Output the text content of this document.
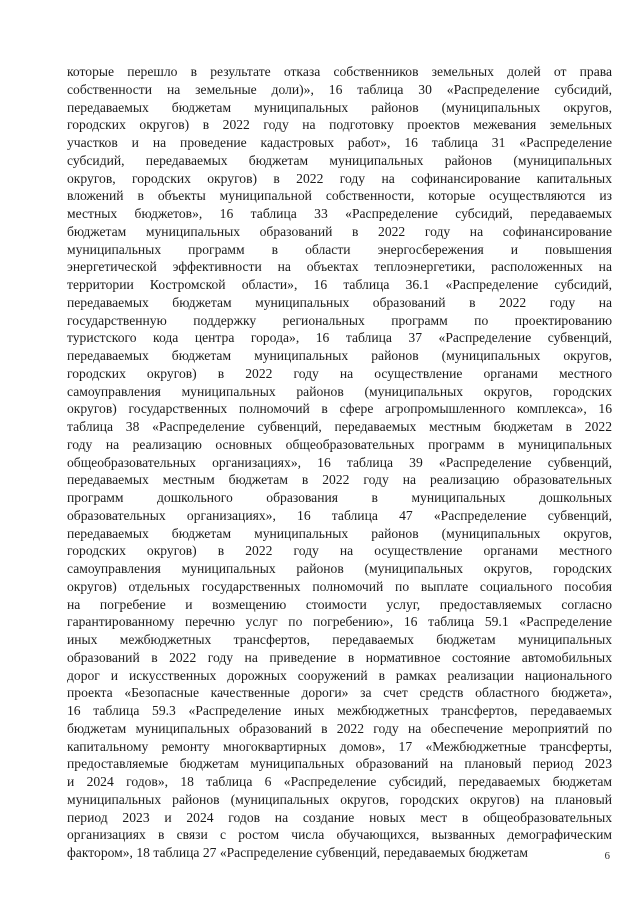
которые перешло в результате отказа собственников земельных долей от права
собственности на земельные доли)», 16 таблица 30 «Распределение субсидий,
передаваемых бюджетам муниципальных районов (муниципальных округов,
городских округов) в 2022 году на подготовку проектов межевания земельных
участков и на проведение кадастровых работ», 16 таблица 31 «Распределение
субсидий, передаваемых бюджетам муниципальных районов (муниципальных
округов, городских округов) в 2022 году на софинансирование капитальных
вложений в объекты муниципальной собственности, которые осуществляются из
местных бюджетов», 16 таблица 33 «Распределение субсидий, передаваемых
бюджетам муниципальных образований в 2022 году на софинансирование
муниципальных программ в области энергосбережения и повышения
энергетической эффективности на объектах теплоэнергетики, расположенных на
территории Костромской области», 16 таблица 36.1 «Распределение субсидий,
передаваемых бюджетам муниципальных образований в 2022 году на
государственную поддержку региональных программ по проектированию
туристского кода центра города», 16 таблица 37 «Распределение субвенций,
передаваемых бюджетам муниципальных районов (муниципальных округов,
городских округов) в 2022 году на осуществление органами местного
самоуправления муниципальных районов (муниципальных округов, городских
округов) государственных полномочий в сфере агропромышленного комплекса», 16
таблица 38 «Распределение субвенций, передаваемых местным бюджетам в 2022
году на реализацию основных общеобразовательных программ в муниципальных
общеобразовательных организациях», 16 таблица 39 «Распределение субвенций,
передаваемых местным бюджетам в 2022 году на реализацию образовательных
программ дошкольного образования в муниципальных дошкольных
образовательных организациях», 16 таблица 47 «Распределение субвенций,
передаваемых бюджетам муниципальных районов (муниципальных округов,
городских округов) в 2022 году на осуществление органами местного
самоуправления муниципальных районов (муниципальных округов, городских
округов) отдельных государственных полномочий по выплате социального пособия
на погребение и возмещению стоимости услуг, предоставляемых согласно
гарантированному перечню услуг по погребению», 16 таблица 59.1 «Распределение
иных межбюджетных трансфертов, передаваемых бюджетам муниципальных
образований в 2022 году на приведение в нормативное состояние автомобильных
дорог и искусственных дорожных сооружений в рамках реализации национального
проекта «Безопасные качественные дороги» за счет средств областного бюджета»,
16 таблица 59.3 «Распределение иных межбюджетных трансфертов, передаваемых
бюджетам муниципальных образований в 2022 году на обеспечение мероприятий по
капитальному ремонту многоквартирных домов», 17 «Межбюджетные трансферты,
предоставляемые бюджетам муниципальных образований на плановый период 2023
и 2024 годов», 18 таблица 6 «Распределение субсидий, передаваемых бюджетам
муниципальных районов (муниципальных округов, городских округов) на плановый
период 2023 и 2024 годов на создание новых мест в общеобразовательных
организациях в связи с ростом числа обучающихся, вызванных демографическим
фактором», 18 таблица 27 «Распределение субвенций, передаваемых бюджетам	6
